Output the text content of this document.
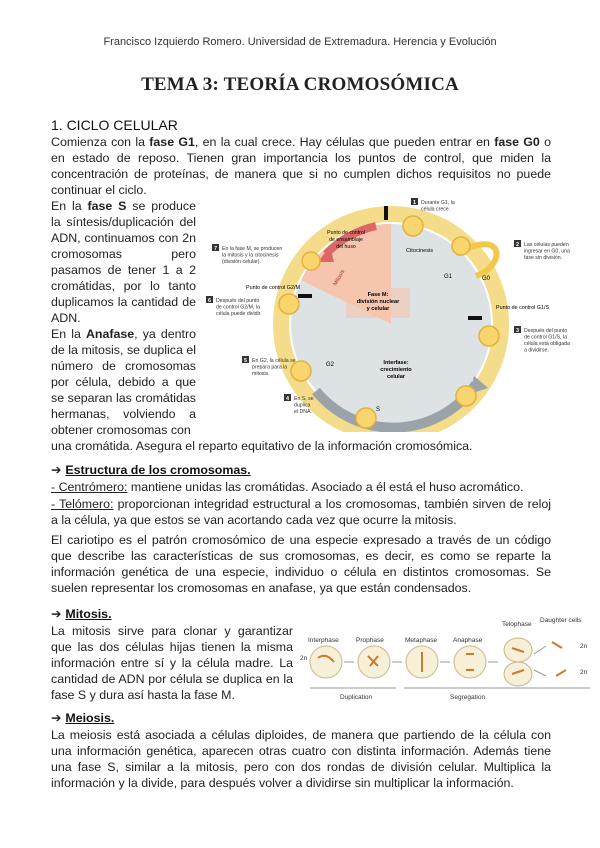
Francisco Izquierdo Romero. Universidad de Extremadura. Herencia y Evolución
TEMA 3: TEORÍA CROMOSÓMICA
1. CICLO CELULAR
Comienza con la fase G1, en la cual crece. Hay células que pueden entrar en fase G0 o en estado de reposo. Tienen gran importancia los puntos de control, que miden la concentración de proteínas, de manera que si no cumplen dichos requisitos no puede continuar el ciclo.
En la fase S se produce la síntesis/duplicación del ADN, continuamos con 2n cromosomas pero pasamos de tener 1 a 2 cromátidas, por lo tanto duplicamos la cantidad de ADN.
En la Anafase, ya dentro de la mitosis, se duplica el número de cromosomas por célula, debido a que se separan las cromátidas hermanas, volviendo a obtener cromosomas con
una cromátida. Asegura el reparto equitativo de la información cromosómica.
Fase M: división nuclear y celular
Interfase: crecimiento celular
G1	G0
G2
S
Mitosis
Citocinesis
Punto de control de ensamblaje del huso
Punto de control G2/M
Punto de control G1/S
1 Durante G1, la célula crece.
2 Las células pueden ingresar en G0, una fase sin división.
3 Después del punto de control G1/S, la célula está obligada a dividirse.
4 En S, se duplica el DNA.
5 En G2, la célula se prepara para la mitosis.
6 Después del punto de control G2/M, la célula puede dividir.
7 En la fase M, se producen la mitosis y la citocinesis (división celular).
➔ Estructura de los cromosomas.
- Centrómero: mantiene unidas las cromátidas. Asociado a él está el huso acromático.
- Telómero: proporcionan integridad estructural a los cromosomas, también sirven de reloj a la célula, ya que estos se van acortando cada vez que ocurre la mitosis.
El cariotipo es el patrón cromosómico de una especie expresado a través de un código que describe las características de sus cromosomas, es decir, es como se reparte la información genética de una especie, individuo o célula en distintos cromosomas. Se suelen representar los cromosomas en anafase, ya que están condensados.
➔ Mitosis.
La mitosis sirve para clonar y garantizar que las dos células hijas tienen la misma información entre sí y la célula madre. La cantidad de ADN por célula se duplica en la fase S y dura así hasta la fase M.
Interphase	Prophase	Metaphase Anaphase
Telophase
Daughter cells
2n
2n
2n
Duplication	Segregation
➔ Meiosis.
La meiosis está asociada a células diploides, de manera que partiendo de la célula con una información genética, aparecen otras cuatro con distinta información. Además tiene una fase S, similar a la mitosis, pero con dos rondas de división celular. Multiplica la información y la divide, para después volver a dividirse sin multiplicar la información.
